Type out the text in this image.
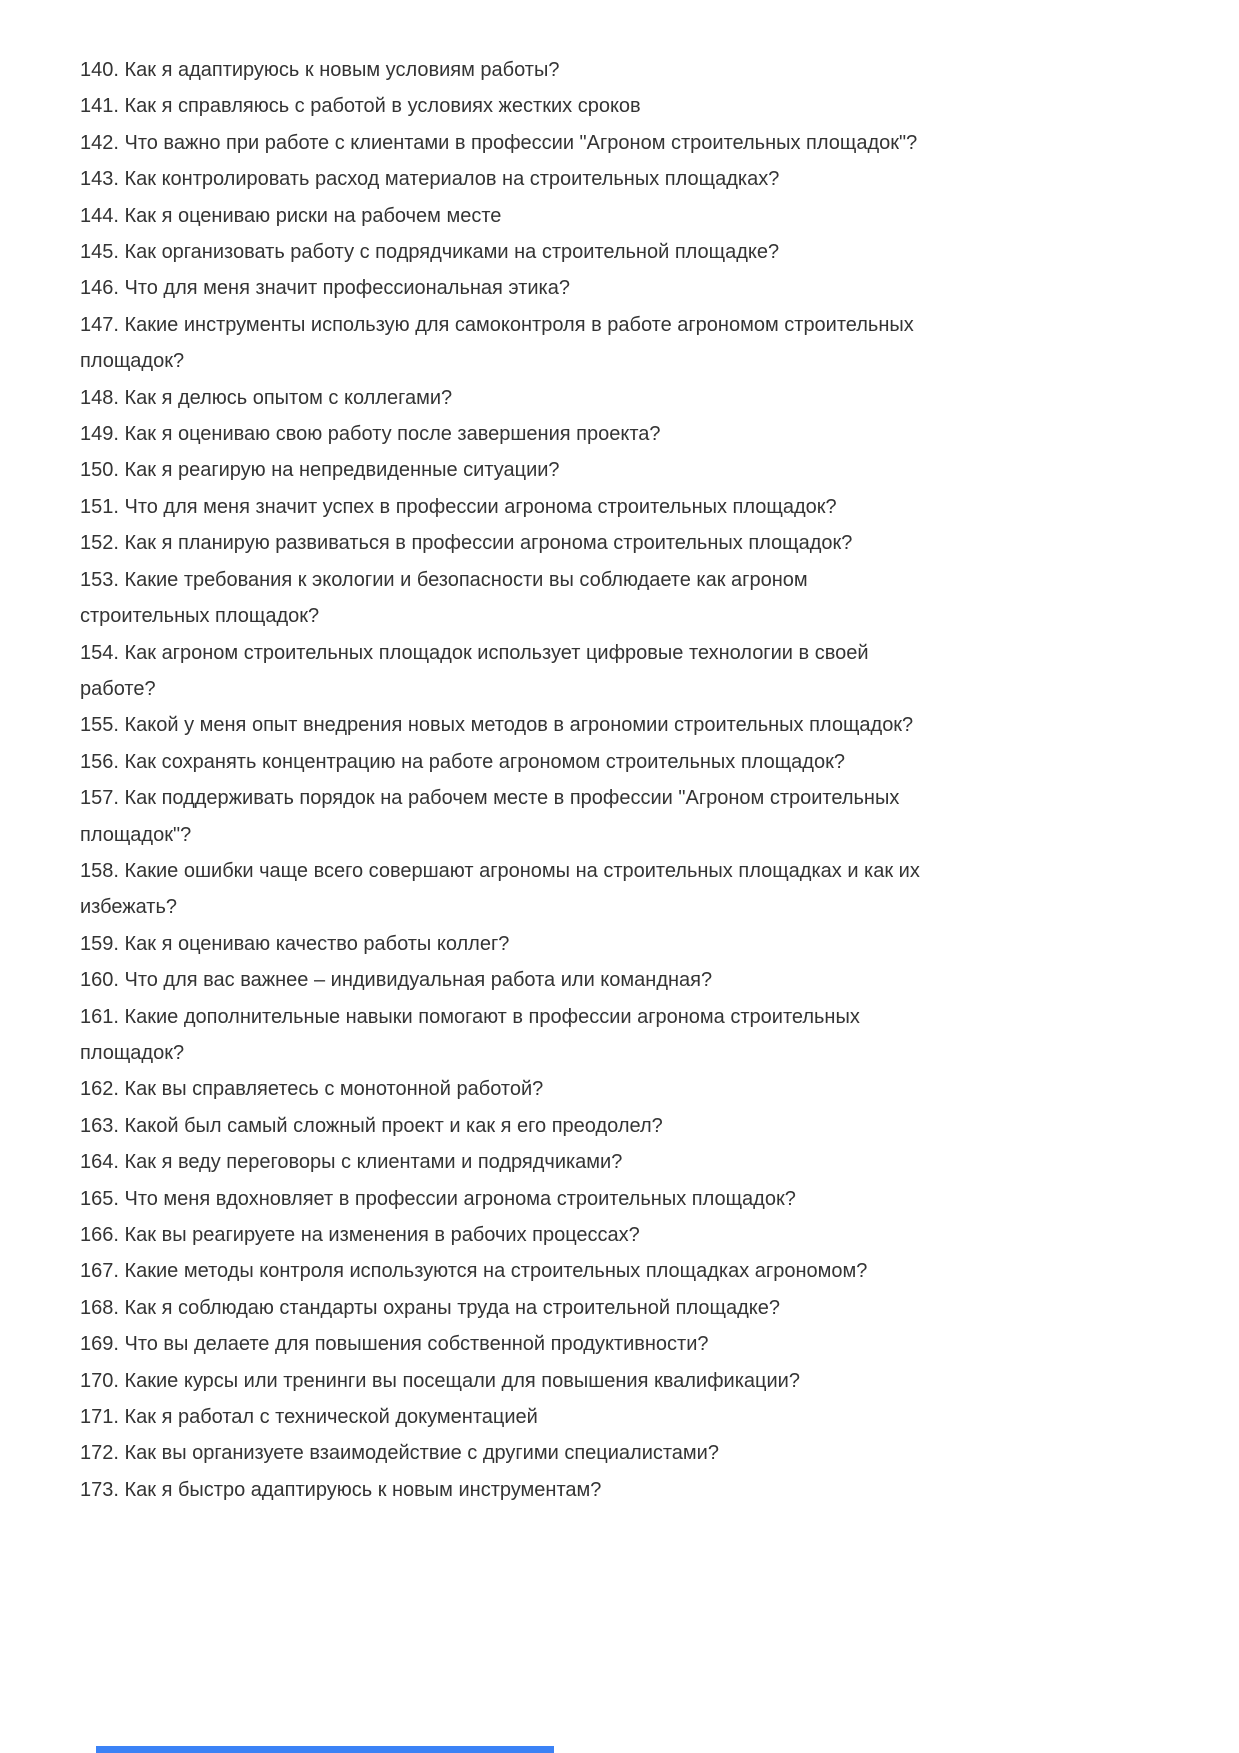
140. Как я адаптируюсь к новым условиям работы?

141. Как я справляюсь с работой в условиях жестких сроков

142. Что важно при работе с клиентами в профессии "Агроном строительных площадок"?

143. Как контролировать расход материалов на строительных площадках?

144. Как я оцениваю риски на рабочем месте

145. Как организовать работу с подрядчиками на строительной площадке?

146. Что для меня значит профессиональная этика?

147. Какие инструменты использую для самоконтроля в работе агрономом строительных
площадок?

148. Как я делюсь опытом с коллегами?

149. Как я оцениваю свою работу после завершения проекта?

150. Как я реагирую на непредвиденные ситуации?

151. Что для меня значит успех в профессии агронома строительных площадок?

152. Как я планирую развиваться в профессии агронома строительных площадок?

153. Какие требования к экологии и безопасности вы соблюдаете как агроном
строительных площадок?

154. Как агроном строительных площадок использует цифровые технологии в своей
работе?

155. Какой у меня опыт внедрения новых методов в агрономии строительных площадок?

156. Как сохранять концентрацию на работе агрономом строительных площадок?

157. Как поддерживать порядок на рабочем месте в профессии "Агроном строительных
площадок"?

158. Какие ошибки чаще всего совершают агрономы на строительных площадках и как их
избежать?

159. Как я оцениваю качество работы коллег?

160. Что для вас важнее – индивидуальная работа или командная?

161. Какие дополнительные навыки помогают в профессии агронома строительных
площадок?

162. Как вы справляетесь с монотонной работой?

163. Какой был самый сложный проект и как я его преодолел?

164. Как я веду переговоры с клиентами и подрядчиками?

165. Что меня вдохновляет в профессии агронома строительных площадок?

166. Как вы реагируете на изменения в рабочих процессах?

167. Какие методы контроля используются на строительных площадках агрономом?

168. Как я соблюдаю стандарты охраны труда на строительной площадке?

169. Что вы делаете для повышения собственной продуктивности?

170. Какие курсы или тренинги вы посещали для повышения квалификации?

171. Как я работал с технической документацией

172. Как вы организуете взаимодействие с другими специалистами?

173. Как я быстро адаптируюсь к новым инструментам?
